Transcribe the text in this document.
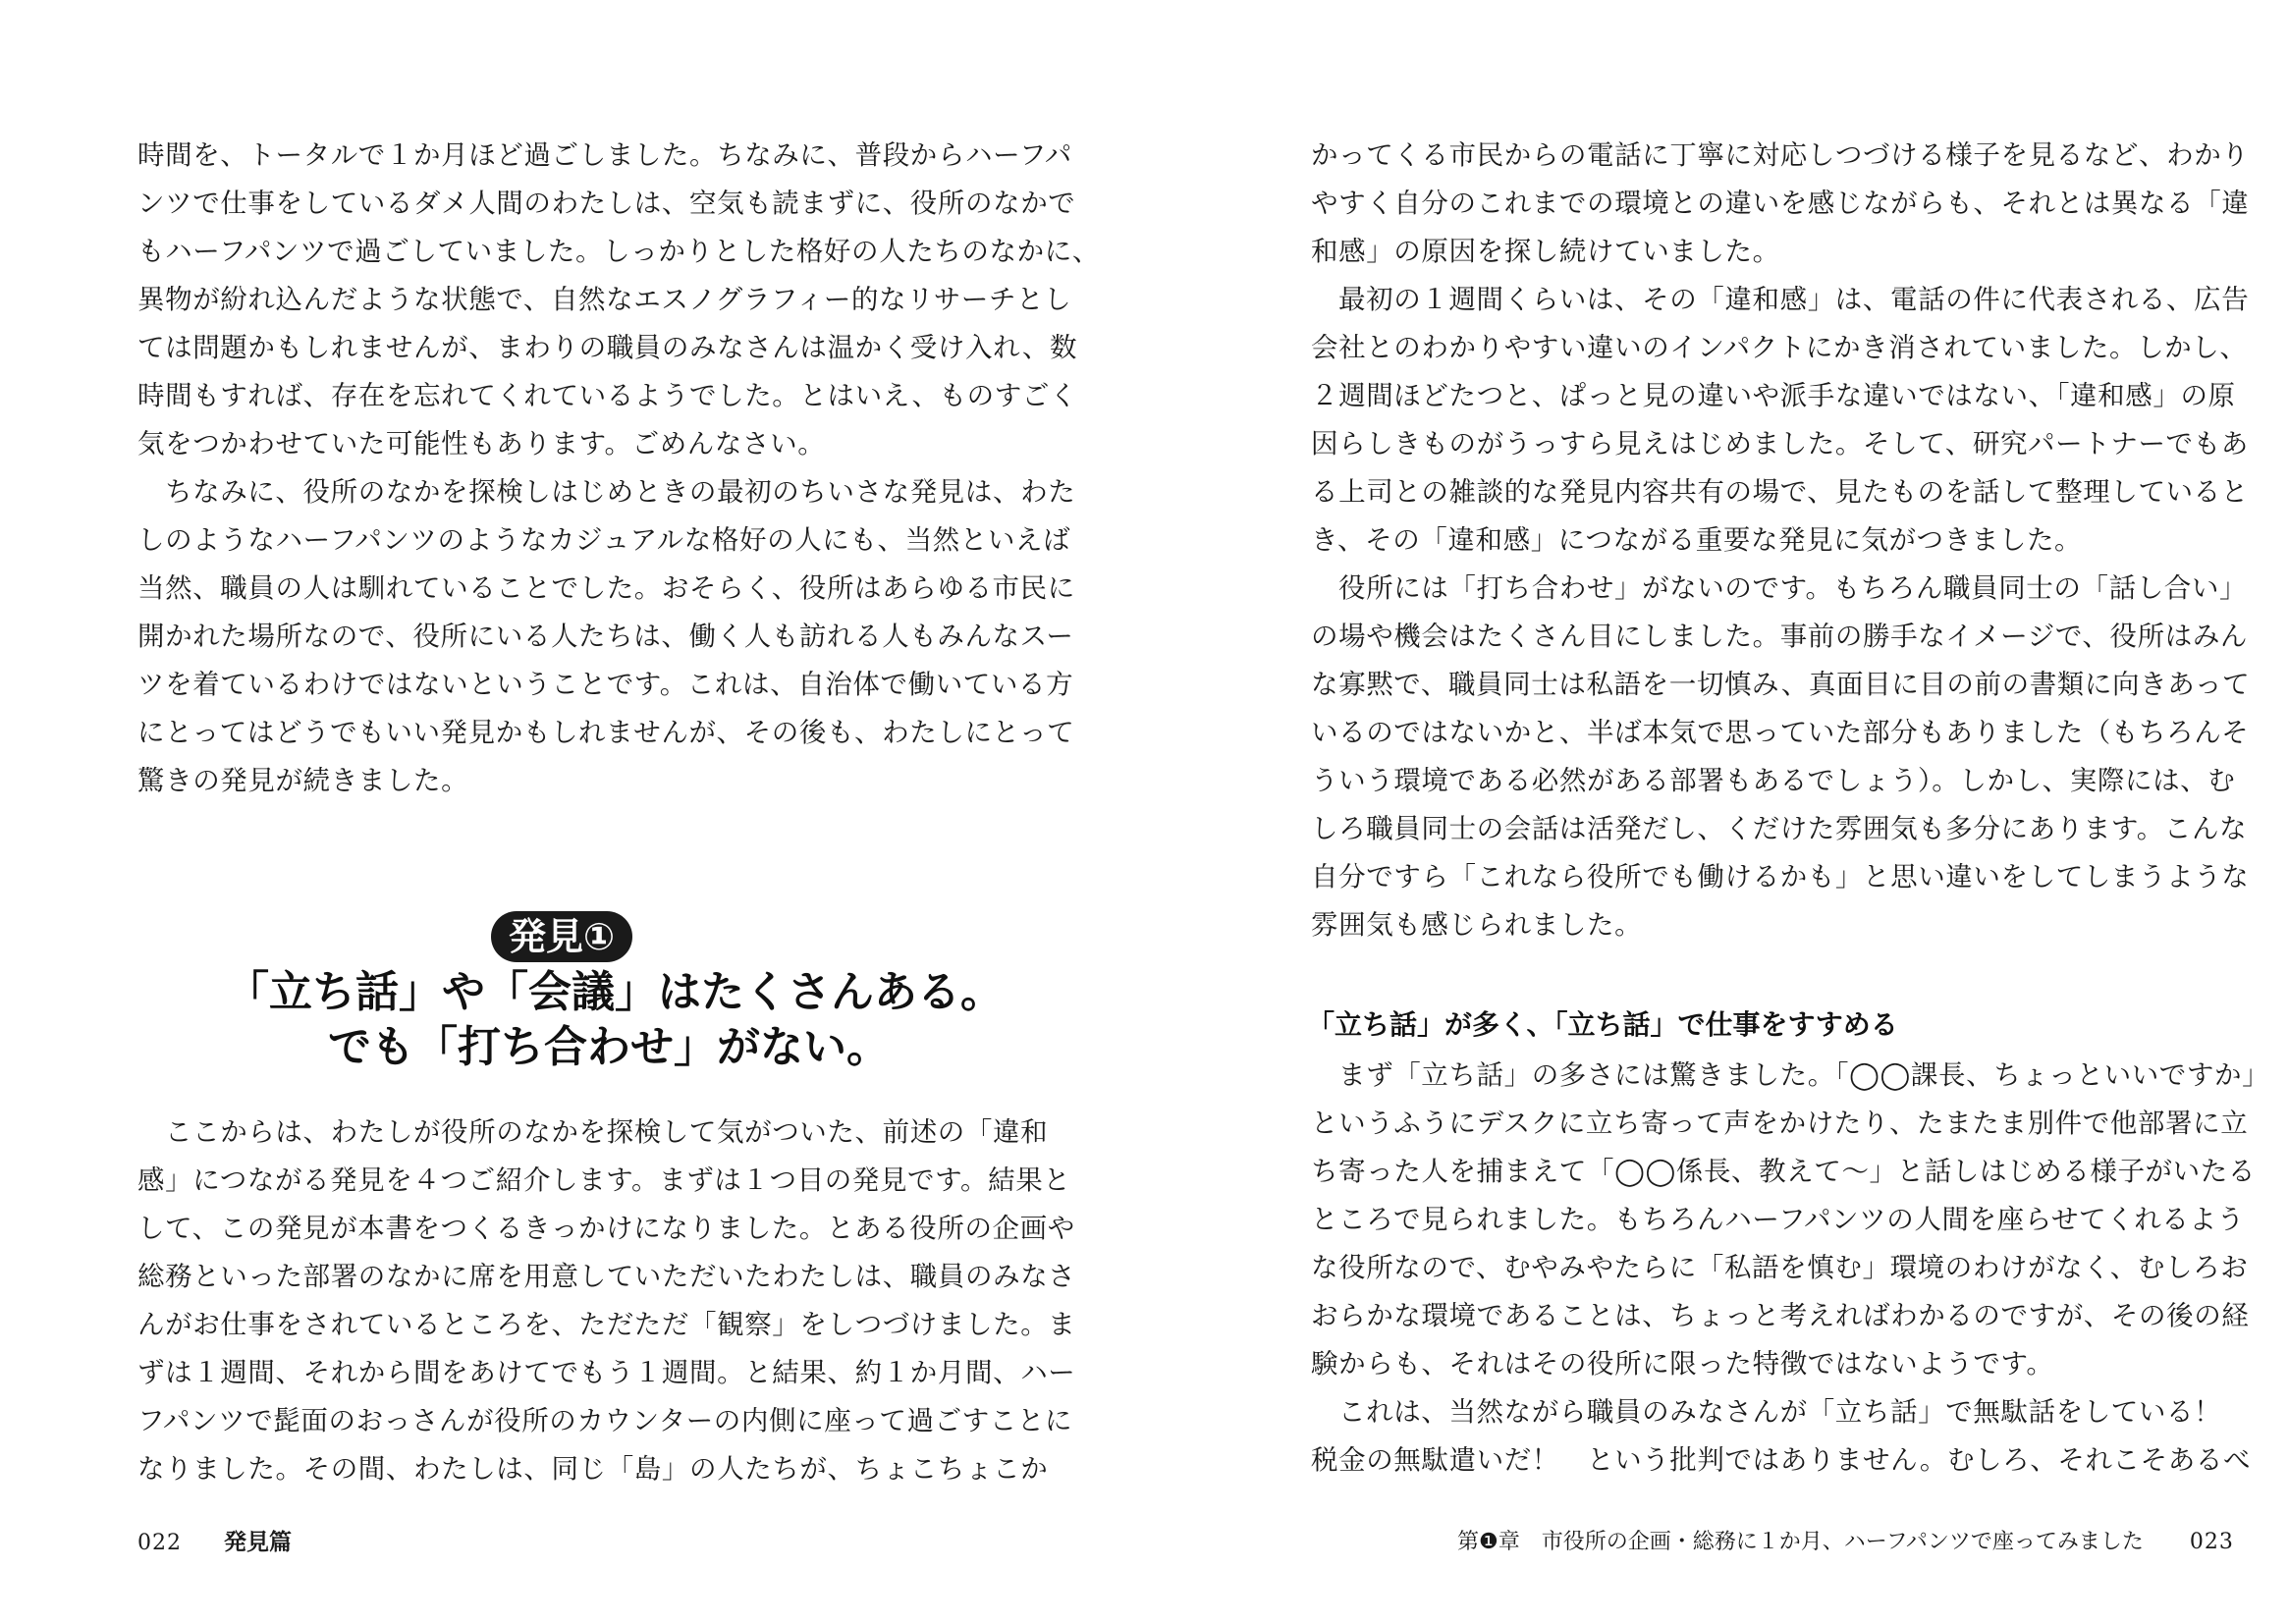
時間を、トータルで１か月ほど過ごしました。ちなみに、普段からハーフパ
ンツで仕事をしているダメ人間のわたしは、空気も読まずに、役所のなかで
もハーフパンツで過ごしていました。しっかりとした格好の人たちのなかに、
異物が紛れ込んだような状態で、自然なエスノグラフィー的なリサーチとし
ては問題かもしれませんが、まわりの職員のみなさんは温かく受け入れ、数
時間もすれば、存在を忘れてくれているようでした。とはいえ、ものすごく
気をつかわせていた可能性もあります。ごめんなさい。
ちなみに、役所のなかを探検しはじめときの最初のちいさな発見は、わた
しのようなハーフパンツのようなカジュアルな格好の人にも、当然といえば
当然、職員の人は馴れていることでした。おそらく、役所はあらゆる市民に
開かれた場所なので、役所にいる人たちは、働く人も訪れる人もみんなスー
ツを着ているわけではないということです。これは、自治体で働いている方
にとってはどうでもいい発見かもしれませんが、その後も、わたしにとって
驚きの発見が続きました。
発見①
「立ち話」や「会議」はたくさんある。
でも「打ち合わせ」がない。
ここからは、わたしが役所のなかを探検して気がついた、前述の「違和
感」につながる発見を４つご紹介します。まずは１つ目の発見です。結果と
して、この発見が本書をつくるきっかけになりました。とある役所の企画や
総務といった部署のなかに席を用意していただいたわたしは、職員のみなさ
んがお仕事をされているところを、ただただ「観察」をしつづけました。ま
ずは１週間、それから間をあけてでもう１週間。と結果、約１か月間、ハー
フパンツで髭面のおっさんが役所のカウンターの内側に座って過ごすことに
なりました。その間、わたしは、同じ「島」の人たちが、ちょこちょこか
022 発見篇
かってくる市民からの電話に丁寧に対応しつづける様子を見るなど、わかり
やすく自分のこれまでの環境との違いを感じながらも、それとは異なる「違
和感」の原因を探し続けていました。
最初の１週間くらいは、その「違和感」は、電話の件に代表される、広告
会社とのわかりやすい違いのインパクトにかき消されていました。しかし、
２週間ほどたつと、ぱっと見の違いや派手な違いではない、「違和感」の原
因らしきものがうっすら見えはじめました。そして、研究パートナーでもあ
る上司との雑談的な発見内容共有の場で、見たものを話して整理していると
き、その「違和感」につながる重要な発見に気がつきました。
役所には「打ち合わせ」がないのです。もちろん職員同士の「話し合い」
の場や機会はたくさん目にしました。事前の勝手なイメージで、役所はみん
な寡黙で、職員同士は私語を一切慎み、真面目に目の前の書類に向きあって
いるのではないかと、半ば本気で思っていた部分もありました（もちろんそ
ういう環境である必然がある部署もあるでしょう）。しかし、実際には、む
しろ職員同士の会話は活発だし、くだけた雰囲気も多分にあります。こんな
自分ですら「これなら役所でも働けるかも」と思い違いをしてしまうような
雰囲気も感じられました。
「立ち話」が多く、「立ち話」で仕事をすすめる
まず「立ち話」の多さには驚きました。「◯◯課長、ちょっといいですか」
というふうにデスクに立ち寄って声をかけたり、たまたま別件で他部署に立
ち寄った人を捕まえて「◯◯係長、教えて〜」と話しはじめる様子がいたる
ところで見られました。もちろんハーフパンツの人間を座らせてくれるよう
な役所なので、むやみやたらに「私語を慎む」環境のわけがなく、むしろお
おらかな環境であることは、ちょっと考えればわかるのですが、その後の経
験からも、それはその役所に限った特徴ではないようです。
これは、当然ながら職員のみなさんが「立ち話」で無駄話をしている！
税金の無駄遣いだ！　という批判ではありません。むしろ、それこそあるべ
第❶章　市役所の企画・総務に１か月、ハーフパンツで座ってみました 023
